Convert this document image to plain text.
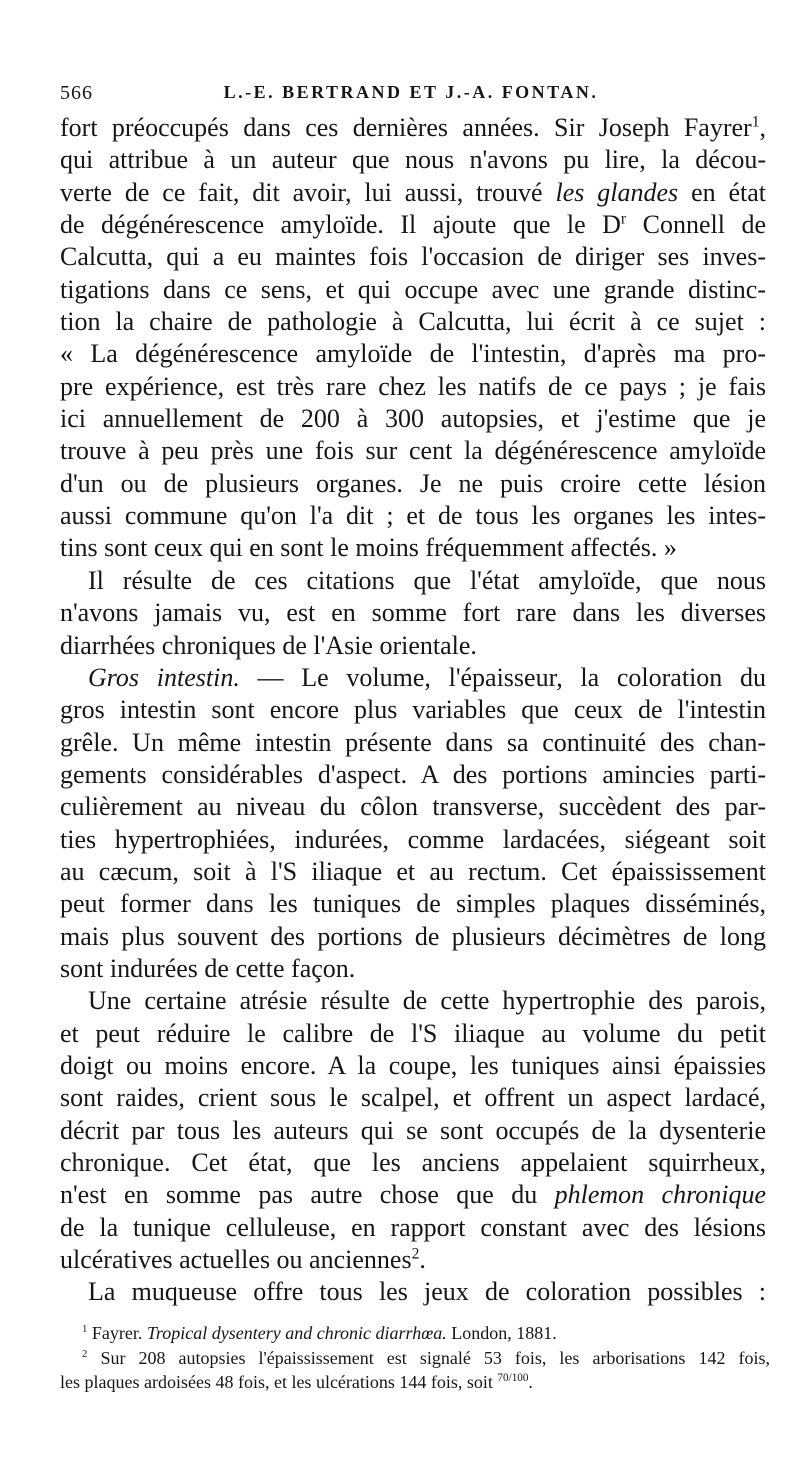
566	L.-E. BERTRAND ET J.-A. FONTAN.
fort préoccupés dans ces dernières années. Sir Joseph Fayrer$^1$,
qui attribue à un auteur que nous n'avons pu lire, la décou-
verte de ce fait, dit avoir, lui aussi, trouvé les glandes en état
de dégénérescence amyloïde. Il ajoute que le $D^r$ Connell de
Calcutta, qui a eu maintes fois l'occasion de diriger ses inves-
tigations dans ce sens, et qui occupe avec une grande distinc-
tion la chaire de pathologie à Calcutta, lui écrit à ce sujet :
« La dégénérescence amyloïde de l'intestin, d'après ma pro-
pre expérience, est très rare chez les natifs de ce pays ; je fais
ici annuellement de 200 à 300 autopsies, et j'estime que je
trouve à peu près une fois sur cent la dégénérescence amyloïde
d'un ou de plusieurs organes. Je ne puis croire cette lésion
aussi commune qu'on l'a dit ; et de tous les organes les intes-
tins sont ceux qui en sont le moins fréquemment affectés. »
Il résulte de ces citations que l'état amyloïde, que nous
n'avons jamais vu, est en somme fort rare dans les diverses
diarrhées chroniques de l'Asie orientale.
Gros intestin. — Le volume, l'épaisseur, la coloration du
gros intestin sont encore plus variables que ceux de l'intestin
grêle. Un même intestin présente dans sa continuité des chan-
gements considérables d'aspect. A des portions amincies parti-
culièrement au niveau du côlon transverse, succèdent des par-
ties hypertrophiées, indurées, comme lardacées, siégeant soit
au cæcum, soit à l'S iliaque et au rectum. Cet épaississement
peut former dans les tuniques de simples plaques disséminés,
mais plus souvent des portions de plusieurs décimètres de long
sont indurées de cette façon.
Une certaine atrésie résulte de cette hypertrophie des parois,
et peut réduire le calibre de l'S iliaque au volume du petit
doigt ou moins encore. A la coupe, les tuniques ainsi épaissies
sont raides, crient sous le scalpel, et offrent un aspect lardacé,
décrit par tous les auteurs qui se sont occupés de la dysenterie
chronique. Cet état, que les anciens appelaient squirrheux,
n'est en somme pas autre chose que du phlemon chronique
de la tunique celluleuse, en rapport constant avec des lésions
ulcératives actuelles ou anciennes$^2$.
La muqueuse offre tous les jeux de coloration possibles :
$^1$ Fayrer. Tropical dysentery and chronic diarrhœa. London, 1881.
$^2$ Sur 208 autopsies l'épaississement est signalé 53 fois, les arborisations 142 fois,
les plaques ardoisées 48 fois, et les ulcérations 144 fois, soit $^{70/100}$.
